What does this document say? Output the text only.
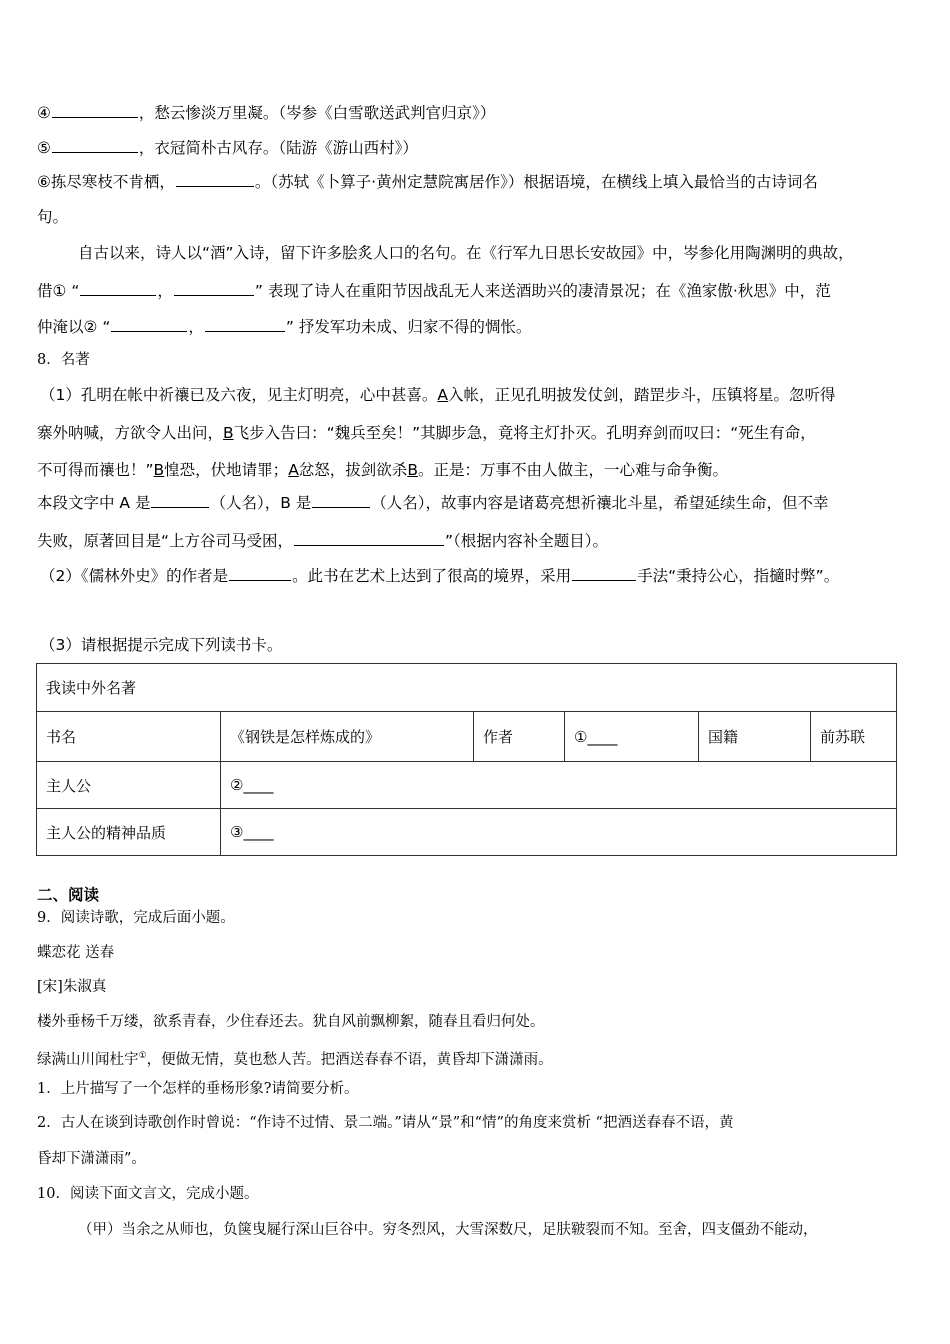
④	，愁云惨淡万里凝。（岑参《白雪歌送武判官归京》）
⑤	，衣冠简朴古风存。（陆游《游山西村》）
⑥拣尽寒枝不肯栖，	。（苏轼《卜算子·黄州定慧院寓居作》）根据语境，在横线上填入最恰当的古诗词名
句。
自古以来，诗人以“酒”入诗，留下许多脍炙人口的名句。在《行军九日思长安故园》中，岑参化用陶渊明的典故，
借① “	，	” 表现了诗人在重阳节因战乱无人来送酒助兴的凄清景况；在《渔家傲·秋思》中，范
仲淹以② “	，	” 抒发军功未成、归家不得的惆怅。
8．名著
（1）孔明在帐中祈禳已及六夜，见主灯明亮，心中甚喜。A入帐，正见孔明披发仗剑，踏罡步斗，压镇将星。忽听得
寨外呐喊，方欲令人出问，B飞步入告曰：“魏兵至矣！”其脚步急，竟将主灯扑灭。孔明弃剑而叹曰：“死生有命，
不可得而禳也！”B惶恐，伏地请罪；A忿怒，拔剑欲杀B。正是：万事不由人做主，一心难与命争衡。
本段文字中 A 是	（人名），B 是	（人名），故事内容是诸葛亮想祈禳北斗星，希望延续生命，但不幸
失败，原著回目是“上方谷司马受困，	”（根据内容补全题目）。
（2）《儒林外史》的作者是	。此书在艺术上达到了很高的境界，采用	手法“秉持公心，指擿时弊”。
（3）请根据提示完成下列读书卡。
我读中外名著					
书名	《钢铁是怎样炼成的》	作者	①____	国籍	前苏联
主人公	②____				
主人公的精神品质	③____				
二、阅读
9．阅读诗歌，完成后面小题。
蝶恋花 送春
[宋]朱淑真
楼外垂杨千万缕，欲系青春，少住春还去。犹自风前飘柳絮，随春且看归何处。
绿满山川闻杜宇①，便做无情，莫也愁人苦。把酒送春春不语，黄昏却下潇潇雨。
1．上片描写了一个怎样的垂杨形象?请简要分析。
2．古人在谈到诗歌创作时曾说：“作诗不过情、景二端。”请从“景”和“情”的角度来赏析 “把酒送春春不语，黄
昏却下潇潇雨”。
10．阅读下面文言文，完成小题。
（甲）当余之从师也，负箧曳屣行深山巨谷中。穷冬烈风，大雪深数尺，足肤皲裂而不知。至舍，四支僵劲不能动，
